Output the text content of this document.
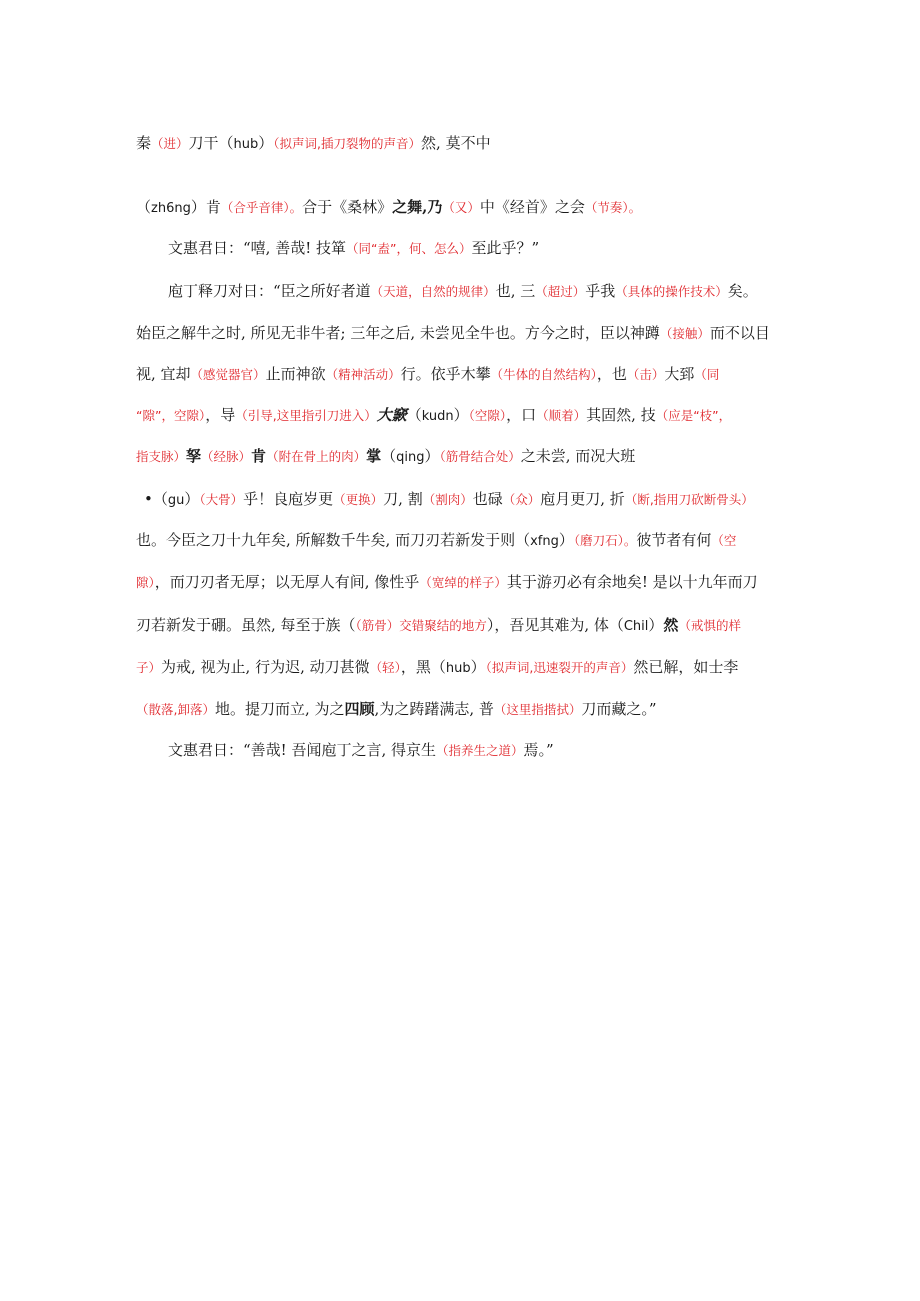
秦（进）刀干（hub）（拟声词,插刀裂物的声音）然, 莫不中
（zh6ng）肯（合乎音律）。合于《桑林》之舞,乃（又）中《经首》之会（节奏）。
文惠君日：“嘻, 善哉! 技箪（同“盍”，何、怎么）至此乎？”
庖丁释刀对日：“臣之所好者道（天道，自然的规律）也, 三（超过）乎我（具体的操作技术）矣。
始臣之解牛之时, 所见无非牛者; 三年之后, 未尝见全牛也。方今之时，臣以神蹲（接触）而不以目
视, 宜却（感觉器官）止而神欲（精神活动）行。依乎木攀（牛体的自然结构），也（击）大郅（同
“隙”，空隙），导（引导,这里指引刀进入）大窾（kudn）（空隙），口（顺着）其固然, 技（应是“枝”，
指支脉）孥（经脉）肯（附在骨上的肉）掌（qing）（筋骨结合处）之未尝, 而况大班
•（gu）（大骨）乎！良庖岁更（更换）刀, 割（割肉）也碌（众）庖月更刀, 折（断,指用刀砍断骨头）
也。今臣之刀十九年矣, 所解数千牛矣, 而刀刃若新发于则（xfng）（磨刀石）。彼节者有何（空
隙），而刀刃者无厚；以无厚人有间, 像性乎（宽绰的样子）其于游刃必有余地矣! 是以十九年而刀
刃若新发于硼。虽然, 每至于族（（筋骨）交错聚结的地方），吾见其难为, 体（Chil）然（戒惧的样
子）为戒, 视为止, 行为迟, 动刀甚微（轻），黑（hub）（拟声词,迅速裂开的声音）然已解，如士李
（散落,卸落）地。提刀而立, 为之四顾,为之踌躇满志, 普（这里指揩拭）刀而藏之。”
文惠君日：“善哉! 吾闻庖丁之言, 得京生（指养生之道）焉。”
